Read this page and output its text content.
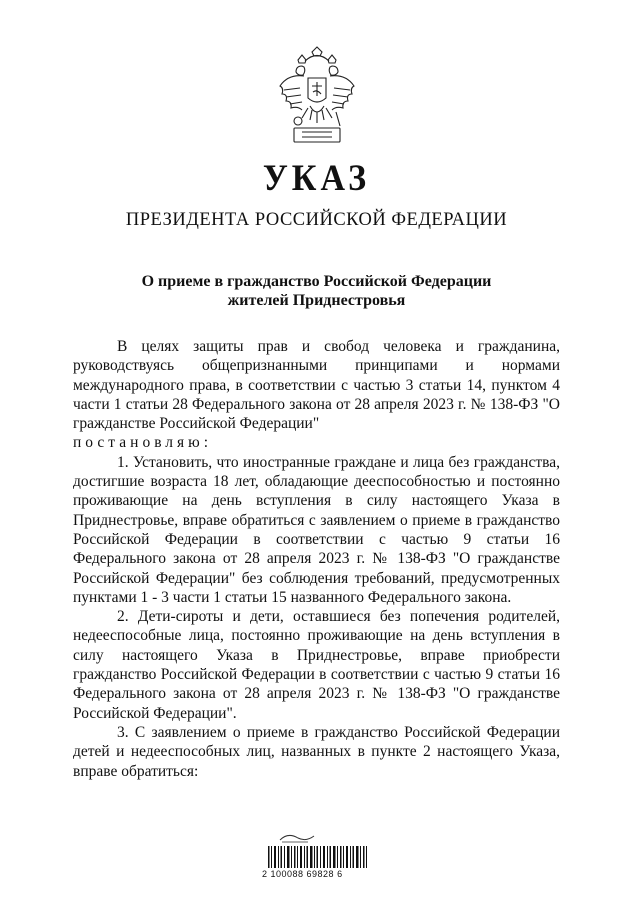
УКАЗ
ПРЕЗИДЕНТА РОССИЙСКОЙ ФЕДЕРАЦИИ
О приеме в гражданство Российской Федерации
жителей Приднестровья

В целях защиты прав и свобод человека и гражданина, руководствуясь общепризнанными принципами и нормами международного права, в соответствии с частью 3 статьи 14, пунктом 4 части 1 статьи 28 Федерального закона от 28 апреля 2023 г. № 138-ФЗ "О гражданстве Российской Федерации"

постановляю:

1. Установить, что иностранные граждане и лица без гражданства, достигшие возраста 18 лет, обладающие дееспособностью и постоянно проживающие на день вступления в силу настоящего Указа в Приднестровье, вправе обратиться с заявлением о приеме в гражданство Российской Федерации в соответствии с частью 9 статьи 16 Федерального закона от 28 апреля 2023 г. № 138-ФЗ "О гражданстве Российской Федерации" без соблюдения требований, предусмотренных пунктами 1 - 3 части 1 статьи 15 названного Федерального закона.

2. Дети-сироты и дети, оставшиеся без попечения родителей, недееспособные лица, постоянно проживающие на день вступления в силу настоящего Указа в Приднестровье, вправе приобрести гражданство Российской Федерации в соответствии с частью 9 статьи 16 Федерального закона от 28 апреля 2023 г. № 138-ФЗ "О гражданстве Российской Федерации".

3. С заявлением о приеме в гражданство Российской Федерации детей и недееспособных лиц, названных в пункте 2 настоящего Указа, вправе обратиться:

2 100088 69828 6
